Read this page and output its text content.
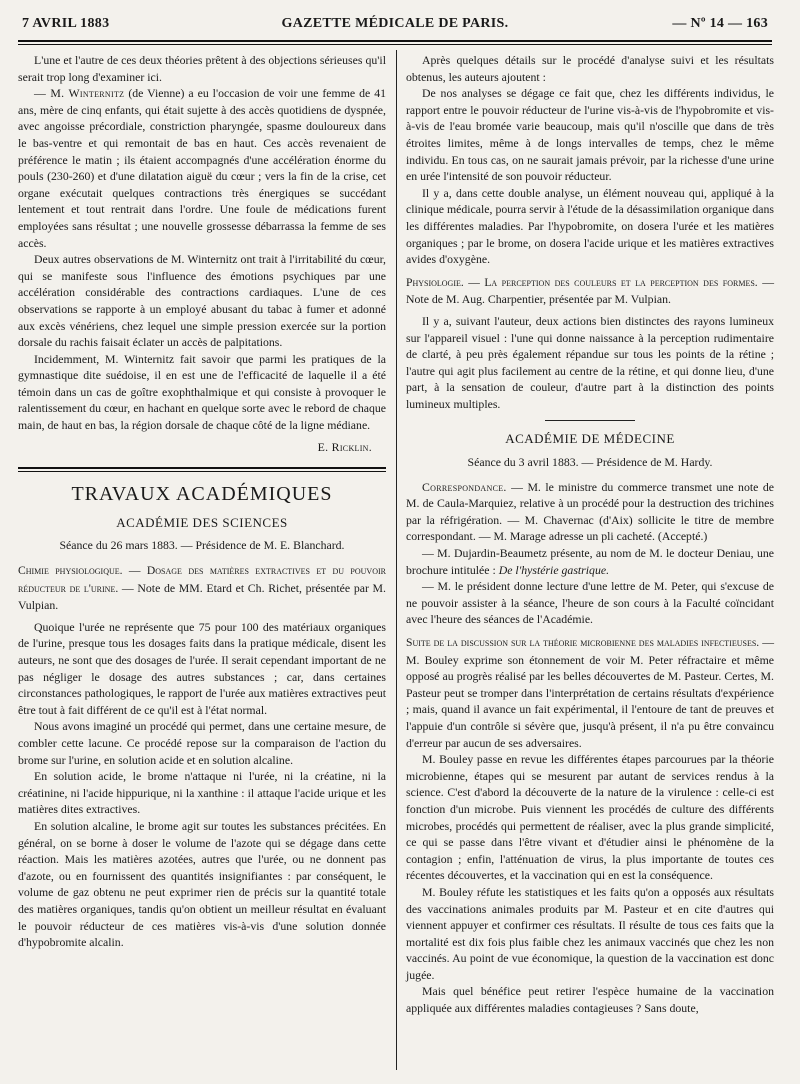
7 AVRIL 1883	GAZETTE MÉDICALE DE PARIS.	— Nº 14 — 163

L'une et l'autre de ces deux théories prêtent à des objections sérieuses qu'il serait trop long d'examiner ici.

— M. Winternitz (de Vienne) a eu l'occasion de voir une femme de 41 ans, mère de cinq enfants, qui était sujette à des accès quotidiens de dyspnée, avec angoisse précordiale, constriction pharyngée, spasme douloureux dans le bas-ventre et qui remontait de bas en haut. Ces accès revenaient de préférence le matin ; ils étaient accompagnés d'une accélération énorme du pouls (230-260) et d'une dilatation aiguë du cœur ; vers la fin de la crise, cet organe exécutait quelques contractions très énergiques se succédant lentement et tout rentrait dans l'ordre. Une foule de médications furent employées sans résultat ; une nouvelle grossesse débarrassa la femme de ses accès.

Deux autres observations de M. Winternitz ont trait à l'irritabilité du cœur, qui se manifeste sous l'influence des émotions psychiques par une accélération considérable des contractions cardiaques. L'une de ces observations se rapporte à un employé abusant du tabac à fumer et adonné aux excès vénériens, chez lequel une simple pression exercée sur la portion dorsale du rachis faisait éclater un accès de palpitations.

Incidemment, M. Winternitz fait savoir que parmi les pratiques de la gymnastique dite suédoise, il en est une de l'efficacité de laquelle il a été témoin dans un cas de goître exophthalmique et qui consiste à provoquer le ralentissement du cœur, en hachant en quelque sorte avec le rebord de chaque main, de haut en bas, la région dorsale de chaque côté de la ligne médiane.

E. Ricklin.
TRAVAUX ACADÉMIQUES
ACADÉMIE DES SCIENCES
Séance du 26 mars 1883. — Présidence de M. E. Blanchard.

Chimie physiologique. — Dosage des matières extractives et du pouvoir réducteur de l'urine. — Note de MM. Etard et Ch. Richet, présentée par M. Vulpian.

Quoique l'urée ne représente que 75 pour 100 des matériaux organiques de l'urine, presque tous les dosages faits dans la pratique médicale, disent les auteurs, ne sont que des dosages de l'urée. Il serait cependant important de ne pas négliger le dosage des autres substances ; car, dans certaines circonstances pathologiques, le rapport de l'urée aux matières extractives peut être tout à fait différent de ce qu'il est à l'état normal.

Nous avons imaginé un procédé qui permet, dans une certaine mesure, de combler cette lacune. Ce procédé repose sur la comparaison de l'action du brome sur l'urine, en solution acide et en solution alcaline.

En solution acide, le brome n'attaque ni l'urée, ni la créatine, ni la créatinine, ni l'acide hippurique, ni la xanthine : il attaque l'acide urique et les matières dites extractives.

En solution alcaline, le brome agit sur toutes les substances précitées. En général, on se borne à doser le volume de l'azote qui se dégage dans cette réaction. Mais les matières azotées, autres que l'urée, ou ne donnent pas d'azote, ou en fournissent des quantités insignifiantes : par conséquent, le volume de gaz obtenu ne peut exprimer rien de précis sur la quantité totale des matières organiques, tandis qu'on obtient un meilleur résultat en évaluant le pouvoir réducteur de ces matières vis-à-vis d'une solution donnée d'hypobromite alcalin.

Après quelques détails sur le procédé d'analyse suivi et les résultats obtenus, les auteurs ajoutent :

De nos analyses se dégage ce fait que, chez les différents individus, le rapport entre le pouvoir réducteur de l'urine vis-à-vis de l'hypobromite et vis-à-vis de l'eau bromée varie beaucoup, mais qu'il n'oscille que dans de très étroites limites, même à de longs intervalles de temps, chez le même individu. En tous cas, on ne saurait jamais prévoir, par la richesse d'une urine en urée l'intensité de son pouvoir réducteur.

Il y a, dans cette double analyse, un élément nouveau qui, appliqué à la clinique médicale, pourra servir à l'étude de la désassimilation organique dans les différentes maladies. Par l'hypobromite, on dosera l'urée et les matières organiques ; par le brome, on dosera l'acide urique et les matières extractives avides d'oxygène.

Physiologie. — La perception des couleurs et la perception des formes. — Note de M. Aug. Charpentier, présentée par M. Vulpian.

Il y a, suivant l'auteur, deux actions bien distinctes des rayons lumineux sur l'appareil visuel : l'une qui donne naissance à la perception rudimentaire de clarté, à peu près également répandue sur tous les points de la rétine ; l'autre qui agit plus facilement au centre de la rétine, et qui donne lieu, d'une part, à la sensation de couleur, d'autre part à la distinction des points lumineux multiples.

ACADÉMIE DE MÉDECINE
Séance du 3 avril 1883. — Présidence de M. Hardy.

Correspondance. — M. le ministre du commerce transmet une note de M. de Caula-Marquiez, relative à un procédé pour la destruction des trichines par la réfrigération. — M. Chavernac (d'Aix) sollicite le titre de membre correspondant. — M. Marage adresse un pli cacheté. (Accepté.)

— M. Dujardin-Beaumetz présente, au nom de M. le docteur Deniau, une brochure intitulée : De l'hystérie gastrique.

— M. le président donne lecture d'une lettre de M. Peter, qui s'excuse de ne pouvoir assister à la séance, l'heure de son cours à la Faculté coïncidant avec l'heure des séances de l'Académie.

Suite de la discussion sur la théorie microbienne des maladies infectieuses. — M. Bouley exprime son étonnement de voir M. Peter réfractaire et même opposé au progrès réalisé par les belles découvertes de M. Pasteur. Certes, M. Pasteur peut se tromper dans l'interprétation de certains résultats d'expérience ; mais, quand il avance un fait expérimental, il l'entoure de tant de preuves et l'appuie d'un contrôle si sévère que, jusqu'à présent, il n'a pu être convaincu d'erreur par aucun de ses adversaires.

M. Bouley passe en revue les différentes étapes parcourues par la théorie microbienne, étapes qui se mesurent par autant de services rendus à la science. C'est d'abord la découverte de la nature de la virulence : celle-ci est fonction d'un microbe. Puis viennent les procédés de culture des différents microbes, procédés qui permettent de réaliser, avec la plus grande simplicité, ce qui se passe dans l'être vivant et d'étudier ainsi le phénomène de la contagion ; enfin, l'atténuation de virus, la plus importante de toutes ces récentes découvertes, et la vaccination qui en est la conséquence.

M. Bouley réfute les statistiques et les faits qu'on a opposés aux résultats des vaccinations animales produits par M. Pasteur et en cite d'autres qui viennent appuyer et confirmer ces résultats. Il résulte de tous ces faits que la mortalité est dix fois plus faible chez les animaux vaccinés que chez les non vaccinés. Au point de vue économique, la question de la vaccination est donc jugée.

Mais quel bénéfice peut retirer l'espèce humaine de la vaccination appliquée aux différentes maladies contagieuses ? Sans doute,
